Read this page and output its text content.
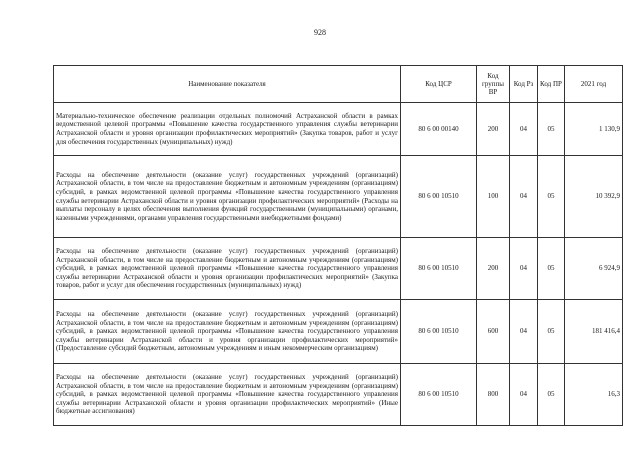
928
Наименование показателя	Код ЦСР	Код группы ВР	Код Рз	Код ПР	2021 год
Материально-техническое обеспечение реализации отдельных полномочий Астраханской области в рамках ведомственной целевой программы «Повышение качества государственного управления службы ветеринарии Астраханской области и уровня организации профилактических мероприятий» (Закупка товаров, работ и услуг для обеспечения государственных (муниципальных) нужд)	80 6 00 00140	200	04	05	1 130,9
Расходы на обеспечение деятельности (оказание услуг) государственных учреждений (организаций) Астраханской области, в том числе на предоставление бюджетным и автономным учреждениям (организациям) субсидий, в рамках ведомственной целевой программы «Повышение качества государственного управления службы ветеринарии Астраханской области и уровня организации профилактических мероприятий» (Расходы на выплаты персоналу в целях обеспечения выполнения функций государственными (муниципальными) органами, казенными учреждениями, органами управления государственными внебюджетными фондами)	80 6 00 10510	100	04	05	10 392,9
Расходы на обеспечение деятельности (оказание услуг) государственных учреждений (организаций) Астраханской области, в том числе на предоставление бюджетным и автономным учреждениям (организациям) субсидий, в рамках ведомственной целевой программы «Повышение качества государственного управления службы ветеринарии Астраханской области и уровня организации профилактических мероприятий» (Закупка товаров, работ и услуг для обеспечения государственных (муниципальных) нужд)	80 6 00 10510	200	04	05	6 924,9
Расходы на обеспечение деятельности (оказание услуг) государственных учреждений (организаций) Астраханской области, в том числе на предоставление бюджетным и автономным учреждениям (организациям) субсидий, в рамках ведомственной целевой программы «Повышение качества государственного управления службы ветеринарии Астраханской области и уровня организации профилактических мероприятий» (Предоставление субсидий бюджетным, автономным учреждениям и иным некоммерческим организациям)	80 6 00 10510	600	04	05	181 416,4
Расходы на обеспечение деятельности (оказание услуг) государственных учреждений (организаций) Астраханской области, в том числе на предоставление бюджетным и автономным учреждениям (организациям) субсидий, в рамках ведомственной целевой программы «Повышение качества государственного управления службы ветеринарии Астраханской области и уровня организации профилактических мероприятий» (Иные бюджетные ассигнования)	80 6 00 10510	800	04	05	16,3
